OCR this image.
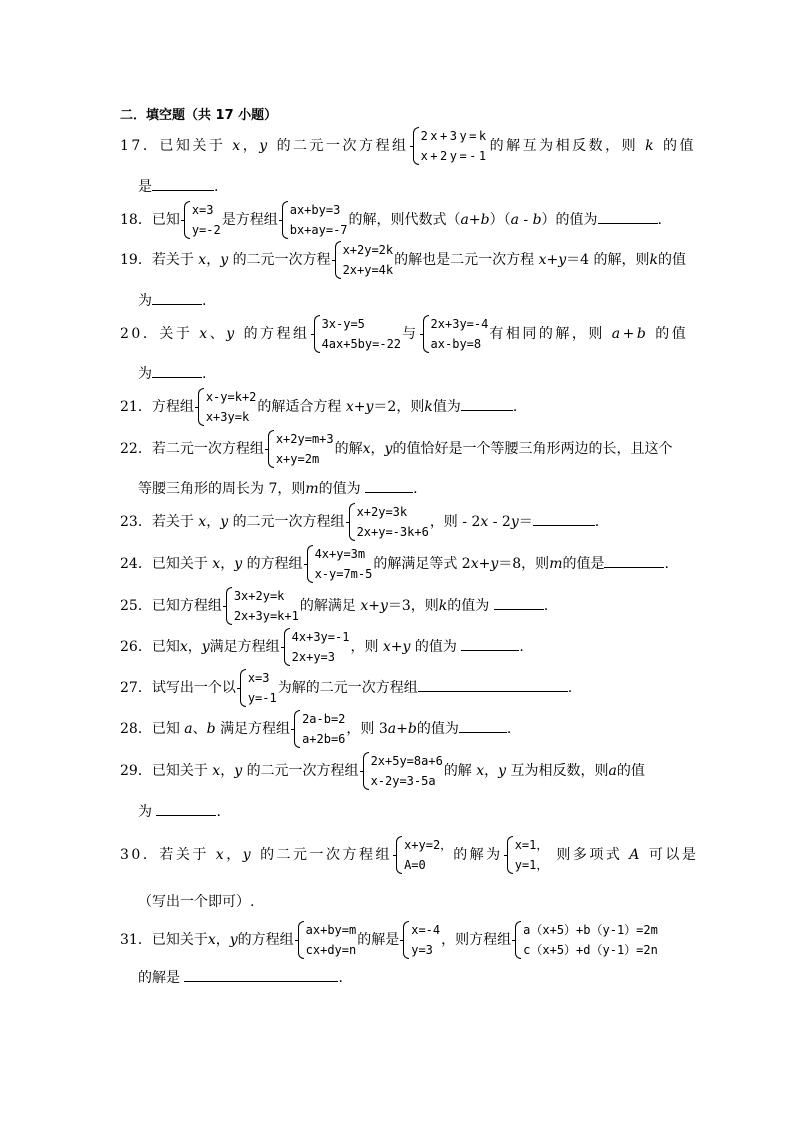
二．填空题（共 17 小题）
17．已知关于 x，y 的二元一次方程组
2x+3y=k
x+2y=-1
的解互为相反数，则 k 的值
是	.
18．已知
x=3
y=-2
是方程组
ax+by=3
bx+ay=-7
的解，则代数式（a+b）（a - b）的值为	.
19．若关于 x，y 的二元一次方程
x+2y=2k
2x+y=4k
的解也是二元一次方程 x+y＝4 的解，则k的值
为	.
20．关于 x、y 的方程组
3x-y=5
4ax+5by=-22
与
2x+3y=-4
ax-by=8
有相同的解，则 a+b 的值
为	.
21．方程组
x-y=k+2
x+3y=k
的解适合方程 x+y＝2，则k值为	.
22．若二元一次方程组
x+2y=m+3
x+y=2m
的解x，y的值恰好是一个等腰三角形两边的长，且这个
等腰三角形的周长为 7，则m的值为	.
23．若关于 x，y 的二元一次方程组
x+2y=3k
2x+y=-3k+6
，则 - 2x - 2y＝	.
24．已知关于 x，y 的方程组
4x+y=3m
x-y=7m-5
的解满足等式 2x+y＝8，则m的值是	.
25．已知方程组
3x+2y=k
2x+3y=k+1
的解满足 x+y＝3，则k的值为	.
26．已知x，y满足方程组
4x+3y=-1
2x+y=3
，则 x+y 的值为	.
27．试写出一个以
x=3
y=-1
为解的二元一次方程组	.
28．已知 a、b 满足方程组
2a-b=2
a+2b=6
，则 3a+b的值为	.
29．已知关于 x，y 的二元一次方程组
2x+5y=8a+6
x-2y=3-5a
的解 x，y 互为相反数，则a的值
为	.
30．若关于 x，y 的二元一次方程组
x+y=2，
A=0
的解为
x=1，
y=1，
则多项式 A 可以是
（写出一个即可）.
31．已知关于x，y的方程组
ax+by=m
cx+dy=n
的解是
x=-4
y=3
，则方程组
a（x+5）+b（y-1）=2m
c（x+5）+d（y-1）=2n
的解是	.
